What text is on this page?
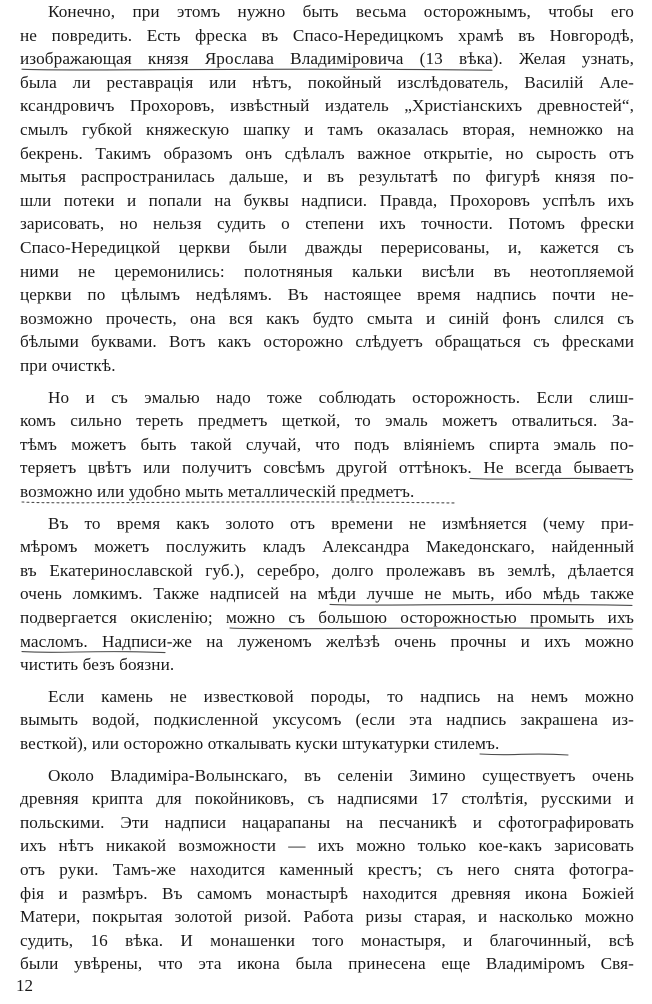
Конечно, при этомъ нужно быть весьма осторожнымъ, чтобы его
не повредить. Есть фреска въ Спасо-Нередицкомъ храмѣ въ Новгородѣ,
изображающая князя Ярослава Владиміровича (13 вѣка). Желая узнать,
была ли реставрація или нѣтъ, покойный изслѣдователь, Василій Але-
ксандровичъ Прохоровъ, извѣстный издатель „Христіанскихъ древностей“,
смылъ губкой княжескую шапку и тамъ оказалась вторая, немножко на
бекрень. Такимъ образомъ онъ сдѣлалъ важное открытіе, но сырость отъ
мытья распространилась дальше, и въ результатѣ по фигурѣ князя по-
шли потеки и попали на буквы надписи. Правда, Прохоровъ успѣлъ ихъ
зарисовать, но нельзя судить о степени ихъ точности. Потомъ фрески
Спасо-Нередицкой церкви были дважды перерисованы, и, кажется съ
ними не церемонились: полотняныя кальки висѣли въ неотопляемой
церкви по цѣлымъ недѣлямъ. Въ настоящее время надпись почти не-
возможно прочесть, она вся какъ будто смыта и синій фонъ слился съ
бѣлыми буквами. Вотъ какъ осторожно слѣдуетъ обращаться съ фресками
при очисткѣ.
Но и съ эмалью надо тоже соблюдать осторожность. Если слиш-
комъ сильно тереть предметъ щеткой, то эмаль можетъ отвалиться. За-
тѣмъ можетъ быть такой случай, что подъ вліяніемъ спирта эмаль по-
теряетъ цвѣтъ или получитъ совсѣмъ другой оттѣнокъ. Не всегда бываетъ
возможно или удобно мыть металлическій предметъ.
Въ то время какъ золото отъ времени не измѣняется (чему при-
мѣромъ можетъ послужить кладъ Александра Македонскаго, найденный
въ Екатеринославской губ.), серебро, долго пролежавъ въ землѣ, дѣлается
очень ломкимъ. Также надписей на мѣди лучше не мыть, ибо мѣдь также
подвергается окисленію; можно съ большою осторожностью промыть ихъ
масломъ. Надписи-же на луженомъ желѣзѣ очень прочны и ихъ можно
чистить безъ боязни.
Если камень не известковой породы, то надпись на немъ можно
вымыть водой, подкисленной уксусомъ (если эта надпись закрашена из-
весткой), или осторожно откалывать куски штукатурки стилемъ.
Около Владиміра-Волынскаго, въ селеніи Зимино существуетъ очень
древняя крипта для покойниковъ, съ надписями 17 столѣтія, русскими и
польскими. Эти надписи нацарапаны на песчаникѣ и сфотографировать
ихъ нѣтъ никакой возможности — ихъ можно только кое-какъ зарисовать
отъ руки. Тамъ-же находится каменный крестъ; съ него снята фотогра-
фія и размѣръ. Въ самомъ монастырѣ находится древняя икона Божіей
Матери, покрытая золотой ризой. Работа ризы старая, и насколько можно
судить, 16 вѣка. И монашенки того монастыря, и благочинный, всѣ
были увѣрены, что эта икона была принесена еще Владиміромъ Свя-
12
